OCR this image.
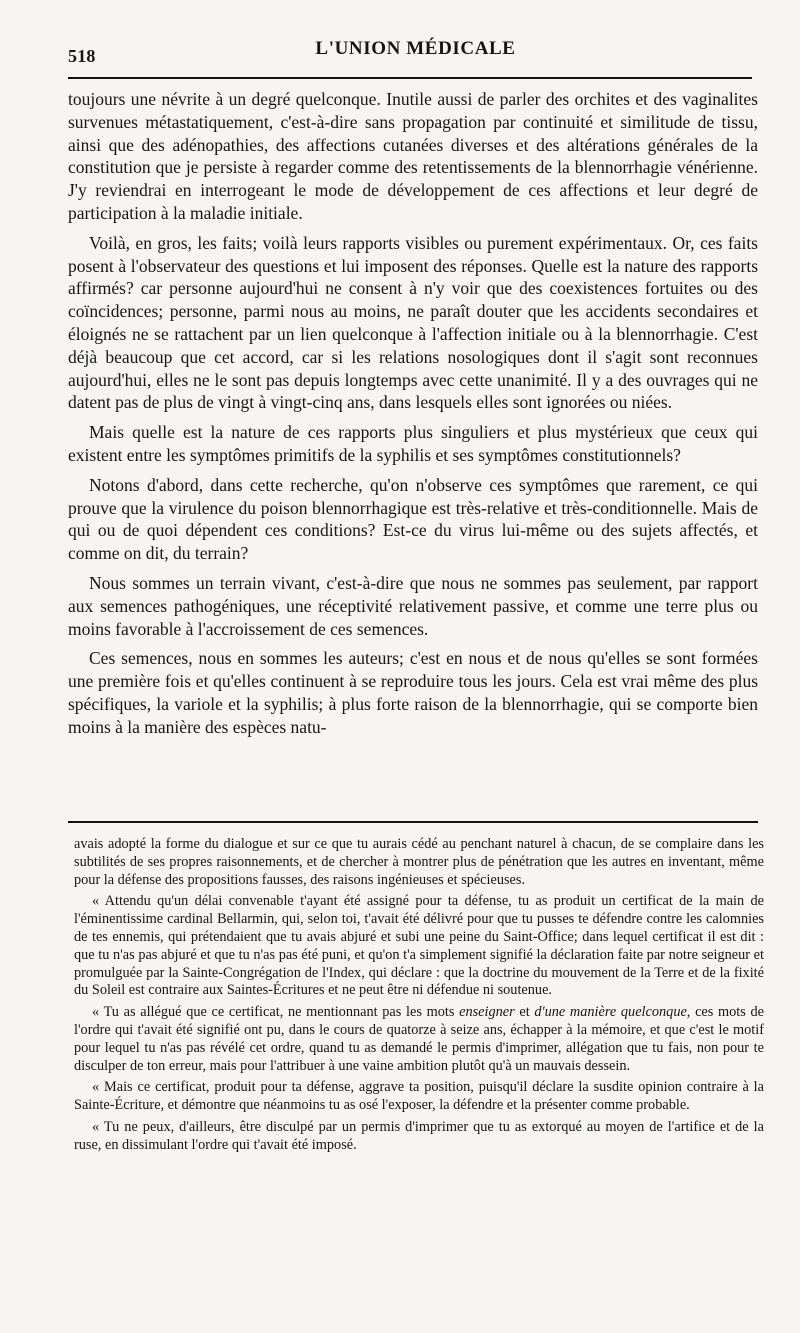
518	L'UNION MÉDICALE

toujours une névrite à un degré quelconque. Inutile aussi de parler des orchites et des vaginalites survenues métastatiquement, c'est-à-dire sans propagation par continuité et similitude de tissu, ainsi que des adénopathies, des affections cutanées diverses et des altérations générales de la constitution que je persiste à regarder comme des retentissements de la blennorrhagie vénérienne. J'y reviendrai en interrogeant le mode de développement de ces affections et leur degré de participation à la maladie initiale.

Voilà, en gros, les faits; voilà leurs rapports visibles ou purement expérimentaux. Or, ces faits posent à l'observateur des questions et lui imposent des réponses. Quelle est la nature des rapports affirmés? car personne aujourd'hui ne consent à n'y voir que des coexistences fortuites ou des coïncidences; personne, parmi nous au moins, ne paraît douter que les accidents secondaires et éloignés ne se rattachent par un lien quelconque à l'affection initiale ou à la blennorrhagie. C'est déjà beaucoup que cet accord, car si les relations nosologiques dont il s'agit sont reconnues aujourd'hui, elles ne le sont pas depuis longtemps avec cette unanimité. Il y a des ouvrages qui ne datent pas de plus de vingt à vingt-cinq ans, dans lesquels elles sont ignorées ou niées.

Mais quelle est la nature de ces rapports plus singuliers et plus mystérieux que ceux qui existent entre les symptômes primitifs de la syphilis et ses symptômes constitutionnels?

Notons d'abord, dans cette recherche, qu'on n'observe ces symptômes que rarement, ce qui prouve que la virulence du poison blennorrhagique est très-relative et très-conditionnelle. Mais de qui ou de quoi dépendent ces conditions? Est-ce du virus lui-même ou des sujets affectés, et comme on dit, du terrain?

Nous sommes un terrain vivant, c'est-à-dire que nous ne sommes pas seulement, par rapport aux semences pathogéniques, une réceptivité relativement passive, et comme une terre plus ou moins favorable à l'accroissement de ces semences.

Ces semences, nous en sommes les auteurs; c'est en nous et de nous qu'elles se sont formées une première fois et qu'elles continuent à se reproduire tous les jours. Cela est vrai même des plus spécifiques, la variole et la syphilis; à plus forte raison de la blennorrhagie, qui se comporte bien moins à la manière des espèces natu-

avais adopté la forme du dialogue et sur ce que tu aurais cédé au penchant naturel à chacun, de se complaire dans les subtilités de ses propres raisonnements, et de chercher à montrer plus de pénétration que les autres en inventant, même pour la défense des propositions fausses, des raisons ingénieuses et spécieuses.

« Attendu qu'un délai convenable t'ayant été assigné pour ta défense, tu as produit un certificat de la main de l'éminentissime cardinal Bellarmin, qui, selon toi, t'avait été délivré pour que tu pusses te défendre contre les calomnies de tes ennemis, qui prétendaient que tu avais abjuré et subi une peine du Saint-Office; dans lequel certificat il est dit : que tu n'as pas abjuré et que tu n'as pas été puni, et qu'on t'a simplement signifié la déclaration faite par notre seigneur et promulguée par la Sainte-Congrégation de l'Index, qui déclare : que la doctrine du mouvement de la Terre et de la fixité du Soleil est contraire aux Saintes-Écritures et ne peut être ni défendue ni soutenue.

« Tu as allégué que ce certificat, ne mentionnant pas les mots enseigner et d'une manière quelconque, ces mots de l'ordre qui t'avait été signifié ont pu, dans le cours de quatorze à seize ans, échapper à la mémoire, et que c'est le motif pour lequel tu n'as pas révélé cet ordre, quand tu as demandé le permis d'imprimer, allégation que tu fais, non pour te disculper de ton erreur, mais pour l'attribuer à une vaine ambition plutôt qu'à un mauvais dessein.

« Mais ce certificat, produit pour ta défense, aggrave ta position, puisqu'il déclare la susdite opinion contraire à la Sainte-Écriture, et démontre que néanmoins tu as osé l'exposer, la défendre et la présenter comme probable.

« Tu ne peux, d'ailleurs, être disculpé par un permis d'imprimer que tu as extorqué au moyen de l'artifice et de la ruse, en dissimulant l'ordre qui t'avait été imposé.
